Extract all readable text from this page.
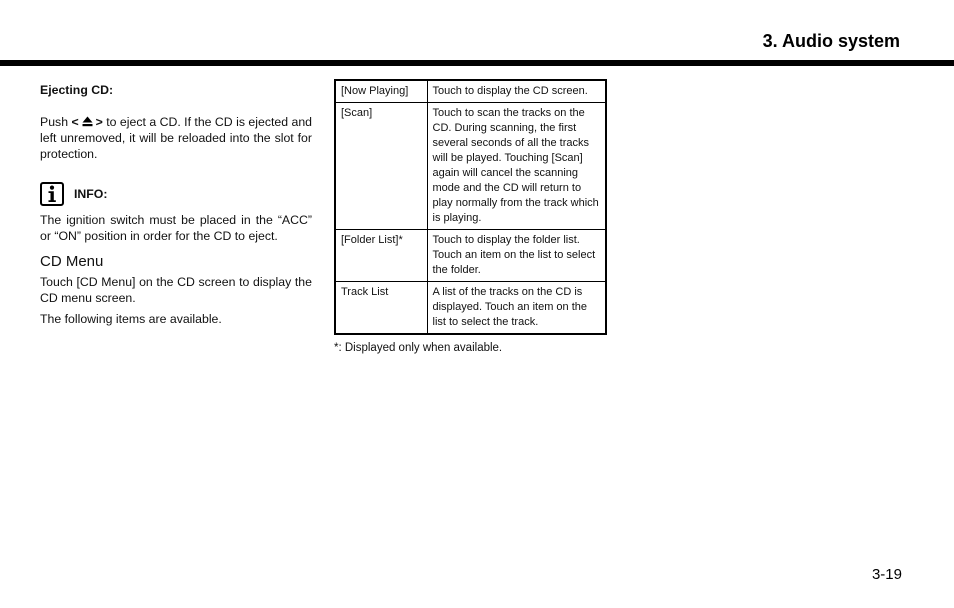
3. Audio system
Ejecting CD:

Push < > to eject a CD. If the CD is ejected and left unremoved, it will be reloaded into the slot for protection.

INFO:

The ignition switch must be placed in the “ACC” or “ON” position in order for the CD to eject.

CD Menu

Touch [CD Menu] on the CD screen to display the CD menu screen.

The following items are available.

[Now Playing]	Touch to display the CD screen.
[Scan]	Touch to scan the tracks on the CD. During scanning, the first several seconds of all the tracks will be played. Touching [Scan] again will cancel the scanning mode and the CD will return to play normally from the track which is playing.
[Folder List]*	Touch to display the folder list. Touch an item on the list to select the folder.
Track List	A list of the tracks on the CD is displayed. Touch an item on the list to select the track.
*: Displayed only when available.
3-19
